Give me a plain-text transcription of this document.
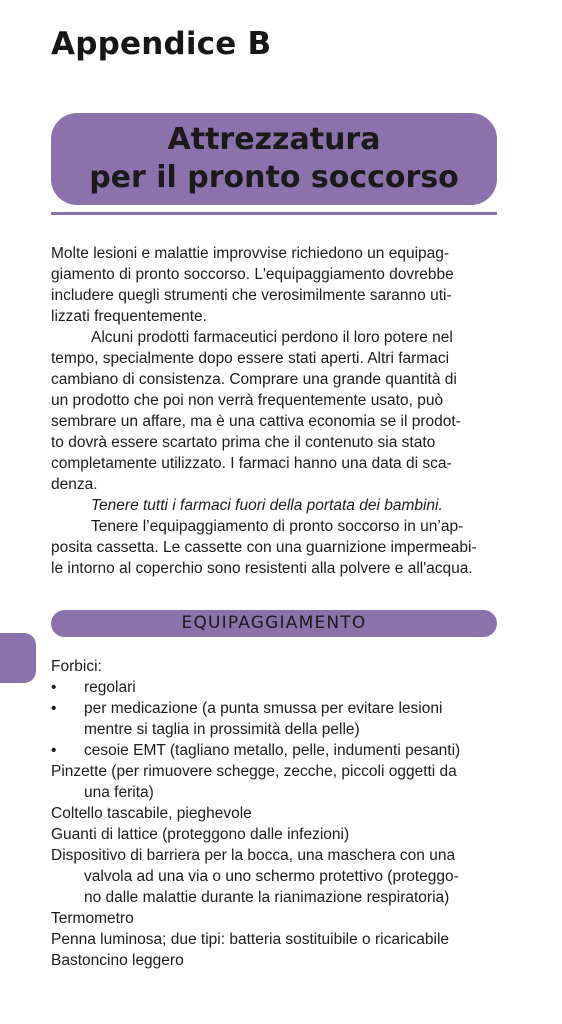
Appendice B
Attrezzatura
per il pronto soccorso
Molte lesioni e malattie improvvise richiedono un equipag-
giamento di pronto soccorso. L'equipaggiamento dovrebbe
includere quegli strumenti che verosimilmente saranno uti-
lizzati frequentemente.
Alcuni prodotti farmaceutici perdono il loro potere nel
tempo, specialmente dopo essere stati aperti. Altri farmaci
cambiano di consistenza. Comprare una grande quantità di
un prodotto che poi non verrà frequentemente usato, può
sembrare un affare, ma è una cattiva economia se il prodot-
to dovrà essere scartato prima che il contenuto sia stato
completamente utilizzato. I farmaci hanno una data di sca-
denza.
Tenere tutti i farmaci fuori della portata dei bambini.
Tenere l’equipaggiamento di pronto soccorso in un’ap-
posita cassetta. Le cassette con una guarnizione impermeabi-
le intorno al coperchio sono resistenti alla polvere e all'acqua.
EQUIPAGGIAMENTO
Forbici:
• regolari
• per medicazione (a punta smussa per evitare lesioni
mentre si taglia in prossimità della pelle)
• cesoie EMT (tagliano metallo, pelle, indumenti pesanti)
Pinzette (per rimuovere schegge, zecche, piccoli oggetti da
una ferita)
Coltello tascabile, pieghevole
Guanti di lattice (proteggono dalle infezioni)
Dispositivo di barriera per la bocca, una maschera con una
valvola ad una via o uno schermo protettivo (proteggo-
no dalle malattie durante la rianimazione respiratoria)
Termometro
Penna luminosa; due tipi: batteria sostituibile o ricaricabile
Bastoncino leggero
